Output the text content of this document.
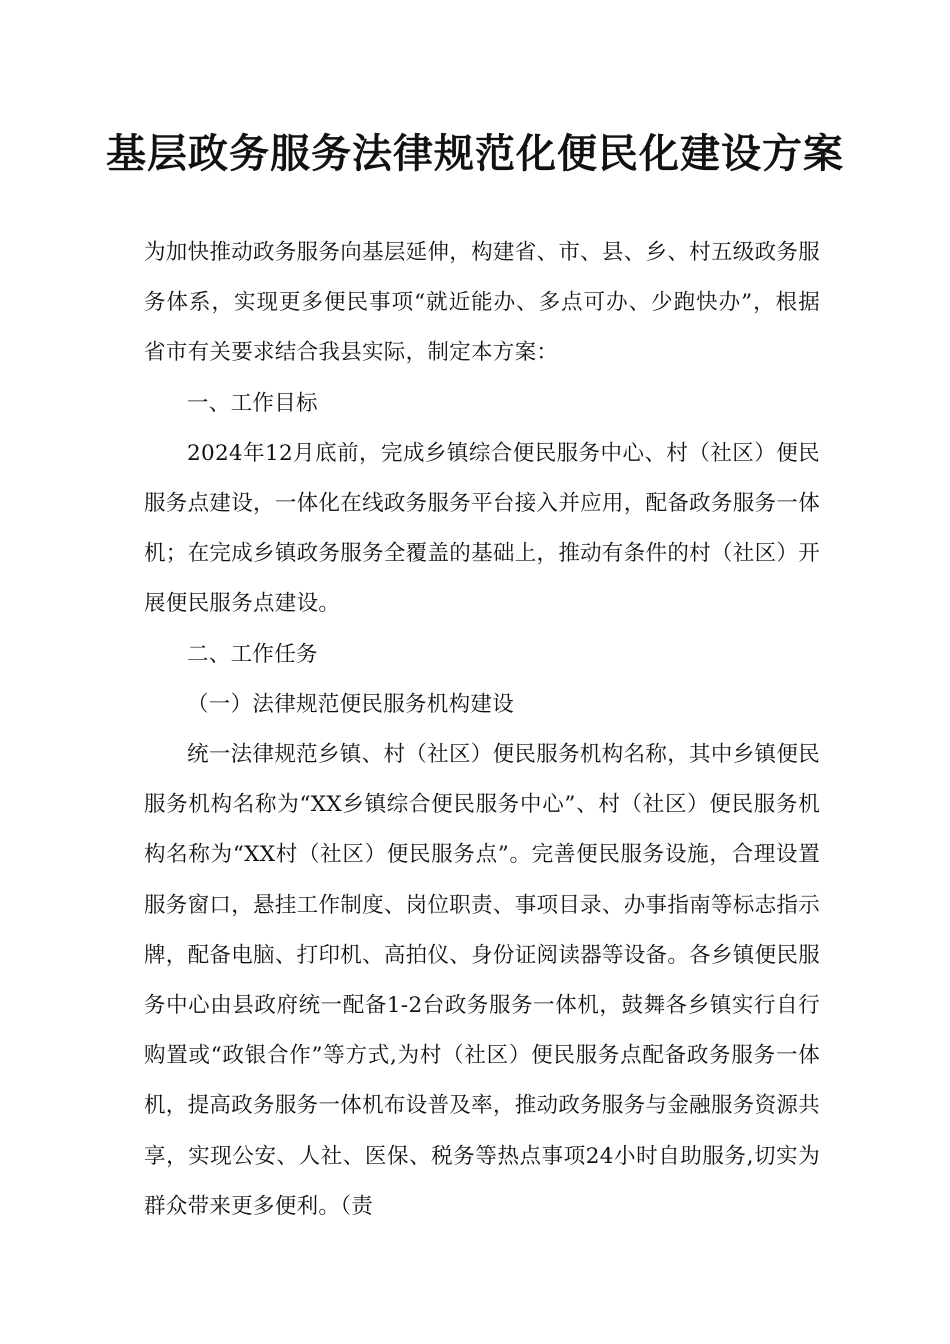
基层政务服务法律规范化便民化建设方案

为加快推动政务服务向基层延伸，构建省、市、县、乡、村五级政务服务体系，实现更多便民事项“就近能办、多点可办、少跑快办”，根据省市有关要求结合我县实际，制定本方案：

一、工作目标

2024年12月底前，完成乡镇综合便民服务中心、村（社区）便民服务点建设，一体化在线政务服务平台接入并应用，配备政务服务一体机；在完成乡镇政务服务全覆盖的基础上，推动有条件的村（社区）开展便民服务点建设。

二、工作任务

（一）法律规范便民服务机构建设

统一法律规范乡镇、村（社区）便民服务机构名称，其中乡镇便民服务机构名称为“XX乡镇综合便民服务中心”、村（社区）便民服务机构名称为“XX村（社区）便民服务点”。完善便民服务设施，合理设置服务窗口，悬挂工作制度、岗位职责、事项目录、办事指南等标志指示牌，配备电脑、打印机、高拍仪、身份证阅读器等设备。各乡镇便民服务中心由县政府统一配备1-2台政务服务一体机，鼓舞各乡镇实行自行购置或“政银合作”等方式,为村（社区）便民服务点配备政务服务一体机，提高政务服务一体机布设普及率，推动政务服务与金融服务资源共享，实现公安、人社、医保、税务等热点事项24小时自助服务,切实为群众带来更多便利。（责
